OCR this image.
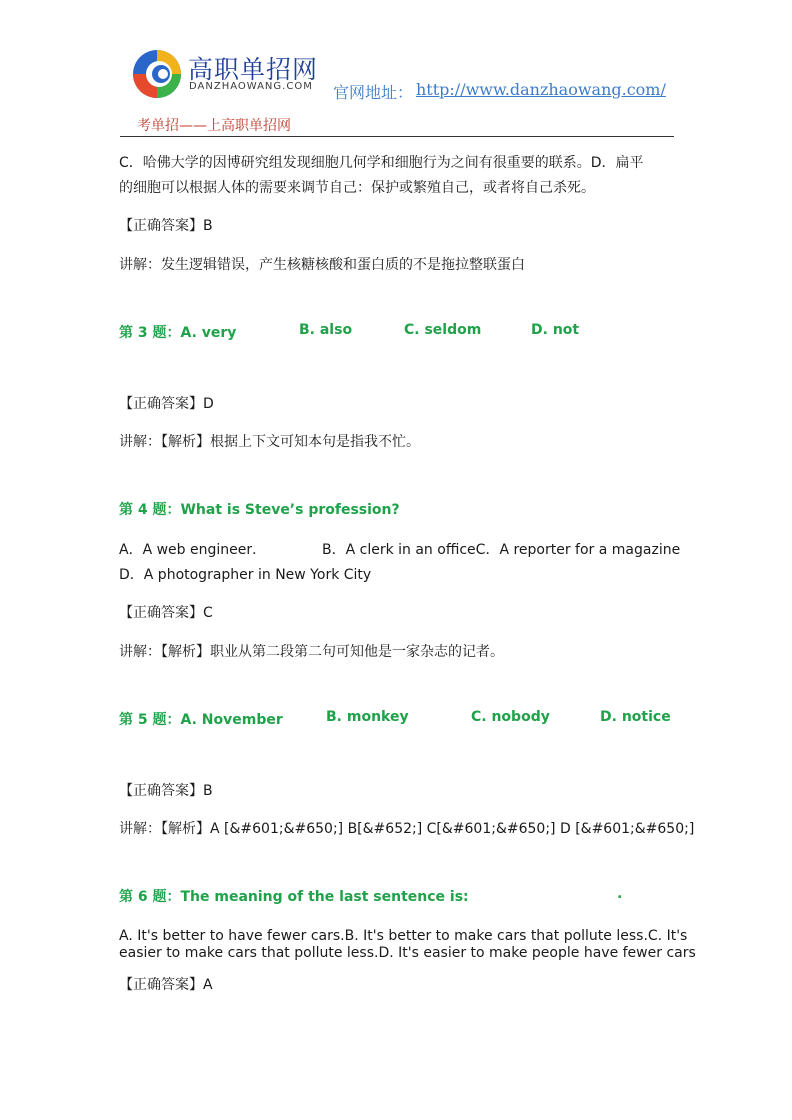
高职单招网
DANZHAOWANG.COM 官网地址： http://www.danzhaowang.com/
考单招——上高职单招网
C．哈佛大学的因博研究组发现细胞几何学和细胞行为之间有很重要的联系。D．扁平
的细胞可以根据人体的需要来调节自己：保护或繁殖自己，或者将自己杀死。
【正确答案】B
讲解：发生逻辑错误，产生核糖核酸和蛋白质的不是拖拉整联蛋白
第 3 题：A. very	B. also	C. seldom	D. not
【正确答案】D
讲解：【解析】根据上下文可知本句是指我不忙。
第 4 题：What is Steve’s profession?
A．A web engineer．	B．A clerk in an officeC．A reporter for a magazine
D．A photographer in New York City
【正确答案】C
讲解：【解析】职业从第二段第二句可知他是一家杂志的记者。
第 5 题：A. November	B. monkey	C. nobody	D. notice
【正确答案】B
讲解：【解析】A [&#601;&#650;] B[&#652;] C[&#601;&#650;] D [&#601;&#650;]
第 6 题：The meaning of the last sentence is:	.
A. It's better to have fewer cars.B. It's better to make cars that pollute less.C. It's
easier to make cars that pollute less.D. It's easier to make people have fewer cars
【正确答案】A
